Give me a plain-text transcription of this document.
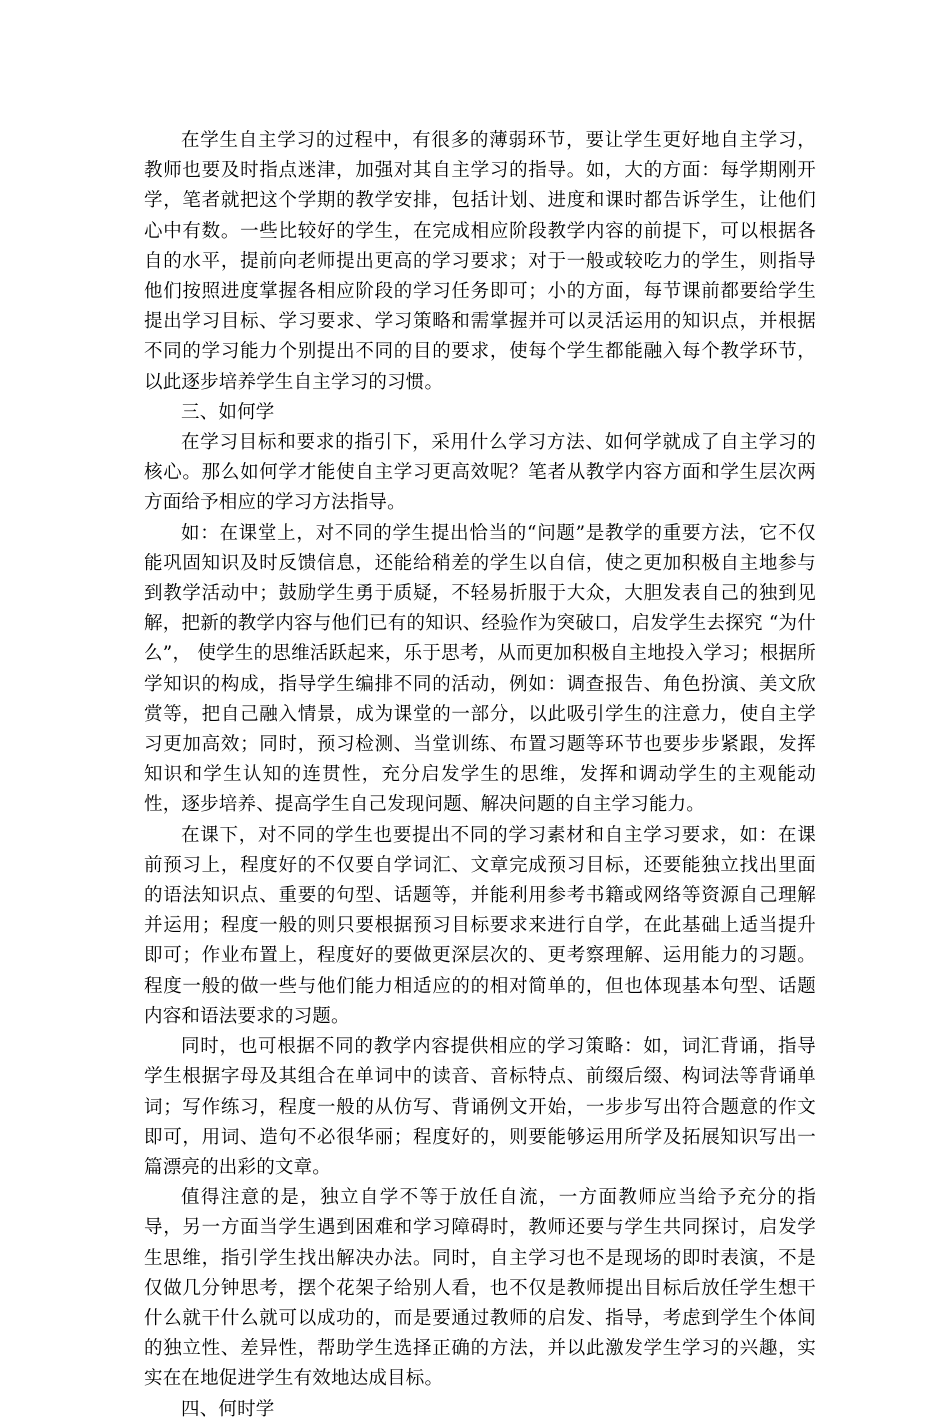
在学生自主学习的过程中，有很多的薄弱环节，要让学生更好地自主学习，教师也要及时指点迷津，加强对其自主学习的指导。如，大的方面：每学期刚开学，笔者就把这个学期的教学安排，包括计划、进度和课时都告诉学生，让他们心中有数。一些比较好的学生，在完成相应阶段教学内容的前提下，可以根据各自的水平，提前向老师提出更高的学习要求；对于一般或较吃力的学生，则指导他们按照进度掌握各相应阶段的学习任务即可；小的方面，每节课前都要给学生提出学习目标、学习要求、学习策略和需掌握并可以灵活运用的知识点，并根据不同的学习能力个别提出不同的目的要求，使每个学生都能融入每个教学环节，以此逐步培养学生自主学习的习惯。

三、如何学

在学习目标和要求的指引下，采用什么学习方法、如何学就成了自主学习的核心。那么如何学才能使自主学习更高效呢？笔者从教学内容方面和学生层次两方面给予相应的学习方法指导。

如：在课堂上，对不同的学生提出恰当的“问题”是教学的重要方法，它不仅能巩固知识及时反馈信息，还能给稍差的学生以自信，使之更加积极自主地参与到教学活动中；鼓励学生勇于质疑，不轻易折服于大众，大胆发表自己的独到见解，把新的教学内容与他们已有的知识、经验作为突破口，启发学生去探究 “为什么”， 使学生的思维活跃起来，乐于思考，从而更加积极自主地投入学习；根据所学知识的构成，指导学生编排不同的活动，例如：调查报告、角色扮演、美文欣赏等，把自己融入情景，成为课堂的一部分，以此吸引学生的注意力，使自主学习更加高效；同时，预习检测、当堂训练、布置习题等环节也要步步紧跟，发挥知识和学生认知的连贯性，充分启发学生的思维，发挥和调动学生的主观能动性，逐步培养、提高学生自己发现问题、解决问题的自主学习能力。

在课下，对不同的学生也要提出不同的学习素材和自主学习要求，如：在课前预习上，程度好的不仅要自学词汇、文章完成预习目标，还要能独立找出里面的语法知识点、重要的句型、话题等，并能利用参考书籍或网络等资源自己理解并运用；程度一般的则只要根据预习目标要求来进行自学，在此基础上适当提升即可；作业布置上，程度好的要做更深层次的、更考察理解、运用能力的习题。程度一般的做一些与他们能力相适应的的相对简单的，但也体现基本句型、话题内容和语法要求的习题。

同时，也可根据不同的教学内容提供相应的学习策略：如，词汇背诵，指导学生根据字母及其组合在单词中的读音、音标特点、前缀后缀、构词法等背诵单词；写作练习，程度一般的从仿写、背诵例文开始，一步步写出符合题意的作文即可，用词、造句不必很华丽；程度好的，则要能够运用所学及拓展知识写出一篇漂亮的出彩的文章。

值得注意的是，独立自学不等于放任自流，一方面教师应当给予充分的指导，另一方面当学生遇到困难和学习障碍时，教师还要与学生共同探讨，启发学生思维，指引学生找出解决办法。同时，自主学习也不是现场的即时表演，不是仅做几分钟思考，摆个花架子给别人看，也不仅是教师提出目标后放任学生想干什么就干什么就可以成功的，而是要通过教师的启发、指导，考虑到学生个体间的独立性、差异性，帮助学生选择正确的方法，并以此激发学生学习的兴趣，实实在在地促进学生有效地达成目标。

四、何时学
